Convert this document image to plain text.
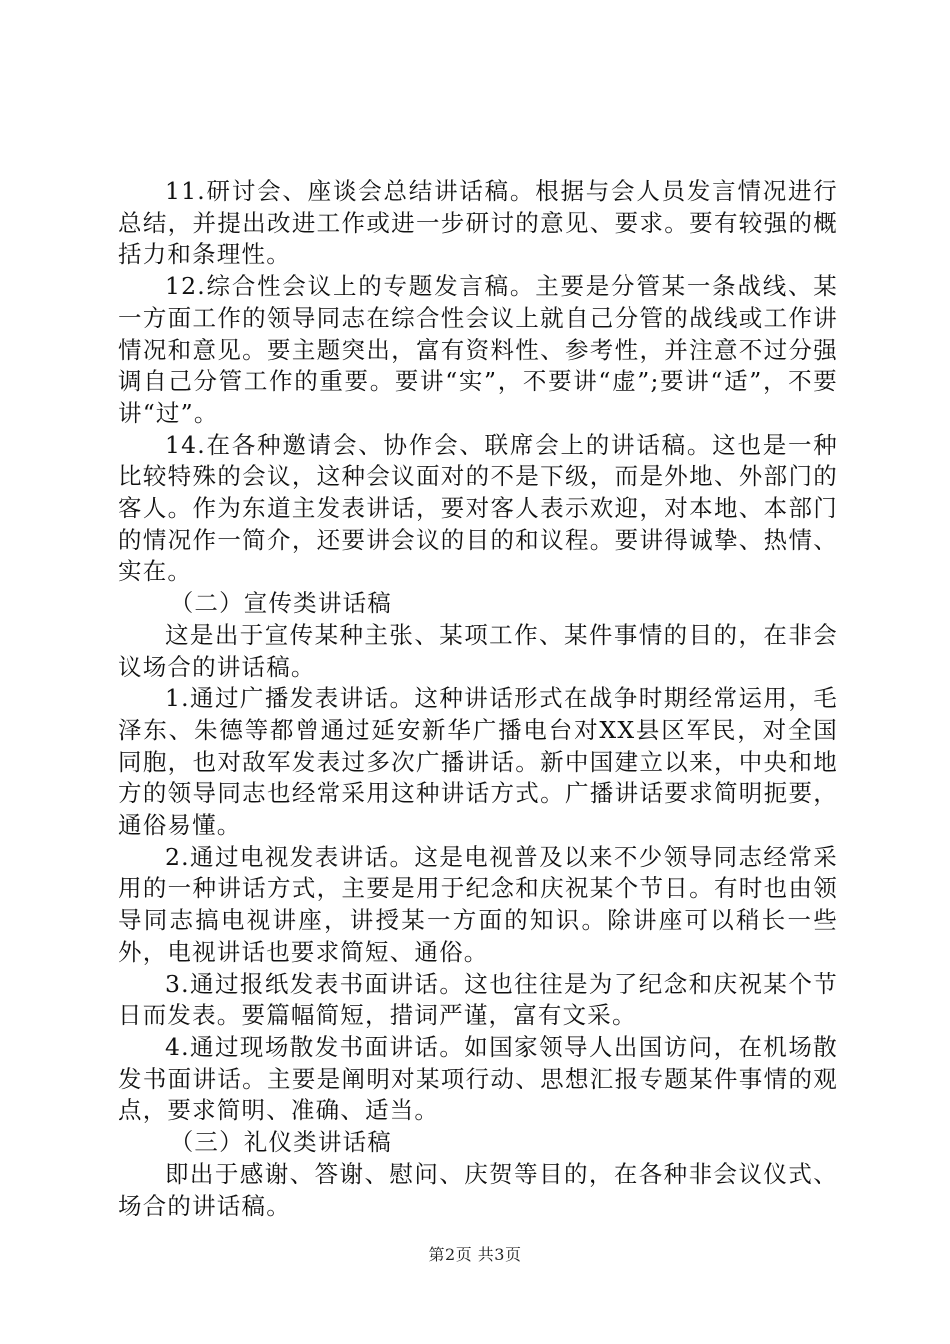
11.研讨会、座谈会总结讲话稿。根据与会人员发言情况进行总结，并提出改进工作或进一步研讨的意见、要求。要有较强的概括力和条理性。

12.综合性会议上的专题发言稿。主要是分管某一条战线、某一方面工作的领导同志在综合性会议上就自己分管的战线或工作讲情况和意见。要主题突出，富有资料性、参考性，并注意不过分强调自己分管工作的重要。要讲“实”，不要讲“虚”;要讲“适”，不要讲“过”。

14.在各种邀请会、协作会、联席会上的讲话稿。这也是一种比较特殊的会议，这种会议面对的不是下级，而是外地、外部门的客人。作为东道主发表讲话，要对客人表示欢迎，对本地、本部门的情况作一简介，还要讲会议的目的和议程。要讲得诚挚、热情、实在。

（二）宣传类讲话稿

这是出于宣传某种主张、某项工作、某件事情的目的，在非会议场合的讲话稿。

1.通过广播发表讲话。这种讲话形式在战争时期经常运用，毛泽东、朱德等都曾通过延安新华广播电台对XX县区军民，对全国同胞，也对敌军发表过多次广播讲话。新中国建立以来，中央和地方的领导同志也经常采用这种讲话方式。广播讲话要求简明扼要，通俗易懂。

2.通过电视发表讲话。这是电视普及以来不少领导同志经常采用的一种讲话方式，主要是用于纪念和庆祝某个节日。有时也由领导同志搞电视讲座，讲授某一方面的知识。除讲座可以稍长一些外，电视讲话也要求简短、通俗。

3.通过报纸发表书面讲话。这也往往是为了纪念和庆祝某个节日而发表。要篇幅简短，措词严谨，富有文采。

4.通过现场散发书面讲话。如国家领导人出国访问，在机场散发书面讲话。主要是阐明对某项行动、思想汇报专题某件事情的观点，要求简明、准确、适当。

（三）礼仪类讲话稿

即出于感谢、答谢、慰问、庆贺等目的，在各种非会议仪式、场合的讲话稿。

第2页 共3页
